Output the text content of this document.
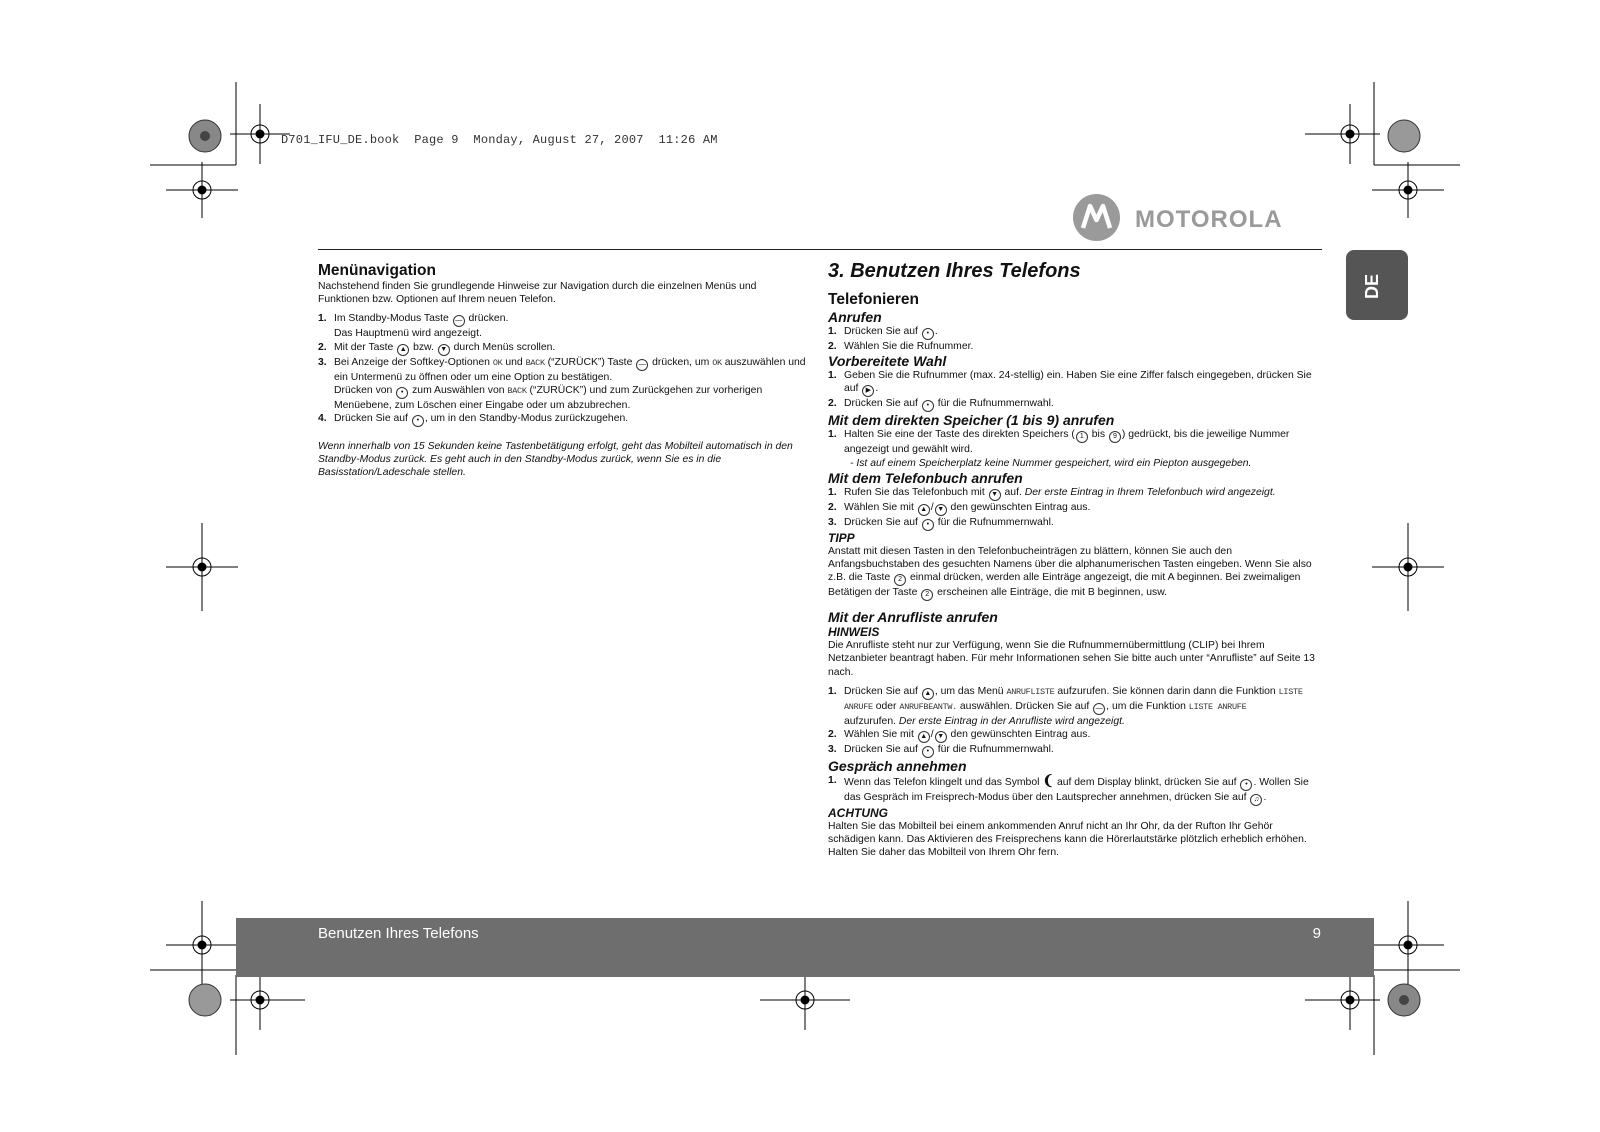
D701_IFU_DE.book  Page 9  Monday, August 27, 2007  11:26 AM
MOTOROLA
DE

Menünavigation

Nachstehend finden Sie grundlegende Hinweise zur Navigation durch die einzelnen Menüs und Funktionen bzw. Optionen auf Ihrem neuen Telefon.

1. Im Standby-Modus Taste — drücken.
Das Hauptmenü wird angezeigt.
2. Mit der Taste ▲ bzw. ▼ durch Menüs scrollen.
3. Bei Anzeige der Softkey-Optionen OK und BACK (“ZURÜCK”) Taste — drücken, um OK auszuwählen und ein Untermenü zu öffnen oder um eine Option zu bestätigen.
Drücken von • zum Auswählen von BACK (“ZURÜCK”) und zum Zurückgehen zur vorherigen Menüebene, zum Löschen einer Eingabe oder um abzubrechen.
4. Drücken Sie auf • , um in den Standby-Modus zurückzugehen.

Wenn innerhalb von 15 Sekunden keine Tastenbetätigung erfolgt, geht das Mobilteil automatisch in den Standby-Modus zurück. Es geht auch in den Standby-Modus zurück, wenn Sie es in die Basisstation/Ladeschale stellen.

3. Benutzen Ihres Telefons

Telefonieren

Anrufen

1. Drücken Sie auf • .
2. Wählen Sie die Rufnummer.

Vorbereitete Wahl

1. Geben Sie die Rufnummer (max. 24-stellig) ein. Haben Sie eine Ziffer falsch eingegeben, drücken Sie auf ▶ .
2. Drücken Sie auf • für die Rufnummernwahl.

Mit dem direkten Speicher (1 bis 9) anrufen

1. Halten Sie eine der Taste des direkten Speichers ( 1 bis 9 ) gedrückt, bis die jeweilige Nummer angezeigt und gewählt wird.

- Ist auf einem Speicherplatz keine Nummer gespeichert, wird ein Piepton ausgegeben.

Mit dem Telefonbuch anrufen

1. Rufen Sie das Telefonbuch mit ▼ auf. Der erste Eintrag in Ihrem Telefonbuch wird angezeigt.
2. Wählen Sie mit ▲ / ▼ den gewünschten Eintrag aus.
3. Drücken Sie auf • für die Rufnummernwahl.

TIPP

Anstatt mit diesen Tasten in den Telefonbucheinträgen zu blättern, können Sie auch den Anfangsbuchstaben des gesuchten Namens über die alphanumerischen Tasten eingeben. Wenn Sie also z.B. die Taste 2 einmal drücken, werden alle Einträge angezeigt, die mit A beginnen. Bei zweimaligen Betätigen der Taste 2 erscheinen alle Einträge, die mit B beginnen, usw.

Mit der Anrufliste anrufen

HINWEIS

Die Anrufliste steht nur zur Verfügung, wenn Sie die Rufnummernübermittlung (CLIP) bei Ihrem Netzanbieter beantragt haben. Für mehr Informationen sehen Sie bitte auch unter “Anrufliste” auf Seite 13 nach.

1. Drücken Sie auf ▲ , um das Menü ANRUFLISTE aufzurufen. Sie können darin dann die Funktion LISTE ANRUFE oder ANRUFBEANTW. auswählen. Drücken Sie auf — , um die Funktion LISTE ANRUFE
aufzurufen. Der erste Eintrag in der Anrufliste wird angezeigt.
2. Wählen Sie mit ▲ / ▼ den gewünschten Eintrag aus.
3. Drücken Sie auf • für die Rufnummernwahl.

Gespräch annehmen

1. Wenn das Telefon klingelt und das Symbol ❨ auf dem Display blinkt, drücken Sie auf • . Wollen Sie das Gespräch im Freisprech-Modus über den Lautsprecher annehmen, drücken Sie auf ♫ .

ACHTUNG

Halten Sie das Mobilteil bei einem ankommenden Anruf nicht an Ihr Ohr, da der Rufton Ihr Gehör schädigen kann. Das Aktivieren des Freisprechens kann die Hörerlautstärke plötzlich erheblich erhöhen. Halten Sie daher das Mobilteil von Ihrem Ohr fern.

Benutzen Ihres Telefons	9
